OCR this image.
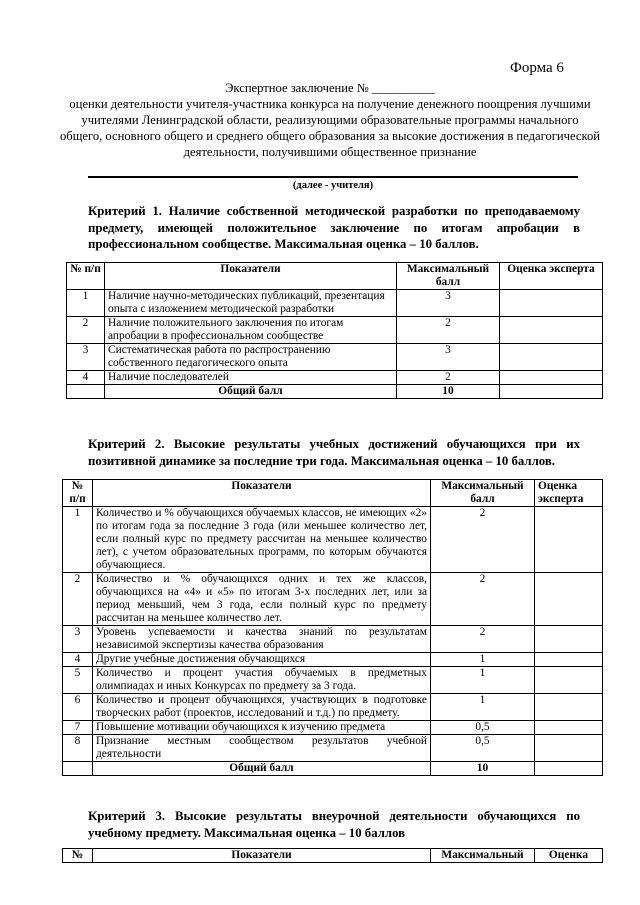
Форма 6
Экспертное заключение № __________
оценки деятельности учителя-участника конкурса на получение денежного поощрения лучшими учителями Ленинградской области, реализующими образовательные программы начального общего, основного общего и среднего общего образования за высокие достижения в педагогической деятельности, получившими общественное признание
(далее - учителя)
Критерий 1. Наличие собственной методической разработки по преподаваемому предмету, имеющей положительное заключение по итогам апробации в профессиональном сообществе. Максимальная оценка – 10 баллов.
№ п/п	Показатели	Максимальный балл	Оценка эксперта
1	Наличие научно-методических публикаций, презентация опыта с изложением методической разработки	3	
2	Наличие положительного заключения по итогам апробации в профессиональном сообществе	2	
3	Систематическая работа по распространению собственного педагогического опыта	3	
4	Наличие последователей	2	
	Общий балл	10	
Критерий 2. Высокие результаты учебных достижений обучающихся при их позитивной динамике за последние три года. Максимальная оценка – 10 баллов.
№ п/п	Показатели	Максимальный балл	Оценка эксперта
1	Количество и % обучающихся обучаемых классов, не имеющих «2» по итогам года за последние 3 года (или меньшее количество лет, если полный курс по предмету рассчитан на меньшее количество лет), с учетом образовательных программ, по которым обучаются обучающиеся.	2	
2	Количество и % обучающихся одних и тех же классов, обучающихся на «4» и «5» по итогам 3-х последних лет, или за период меньший, чем 3 года, если полный курс по предмету рассчитан на меньшее количество лет.	2	
3	Уровень успеваемости и качества знаний по результатам независимой экспертизы качества образования	2	
4	Другие учебные достижения обучающихся	1	
5	Количество и процент участия обучаемых в предметных олимпиадах и иных Конкурсах по предмету за 3 года.	1	
6	Количество и процент обучающихся, участвующих в подготовке творческих работ (проектов, исследований и т.д.) по предмету.	1	
7	Повышение мотивации обучающихся к изучению предмета	0,5	
8	Признание местным сообществом результатов учебной деятельности	0,5	
	Общий балл	10	
Критерий 3. Высокие результаты внеурочной деятельности обучающихся по учебному предмету. Максимальная оценка – 10 баллов
№	Показатели	Максимальный	Оценка
